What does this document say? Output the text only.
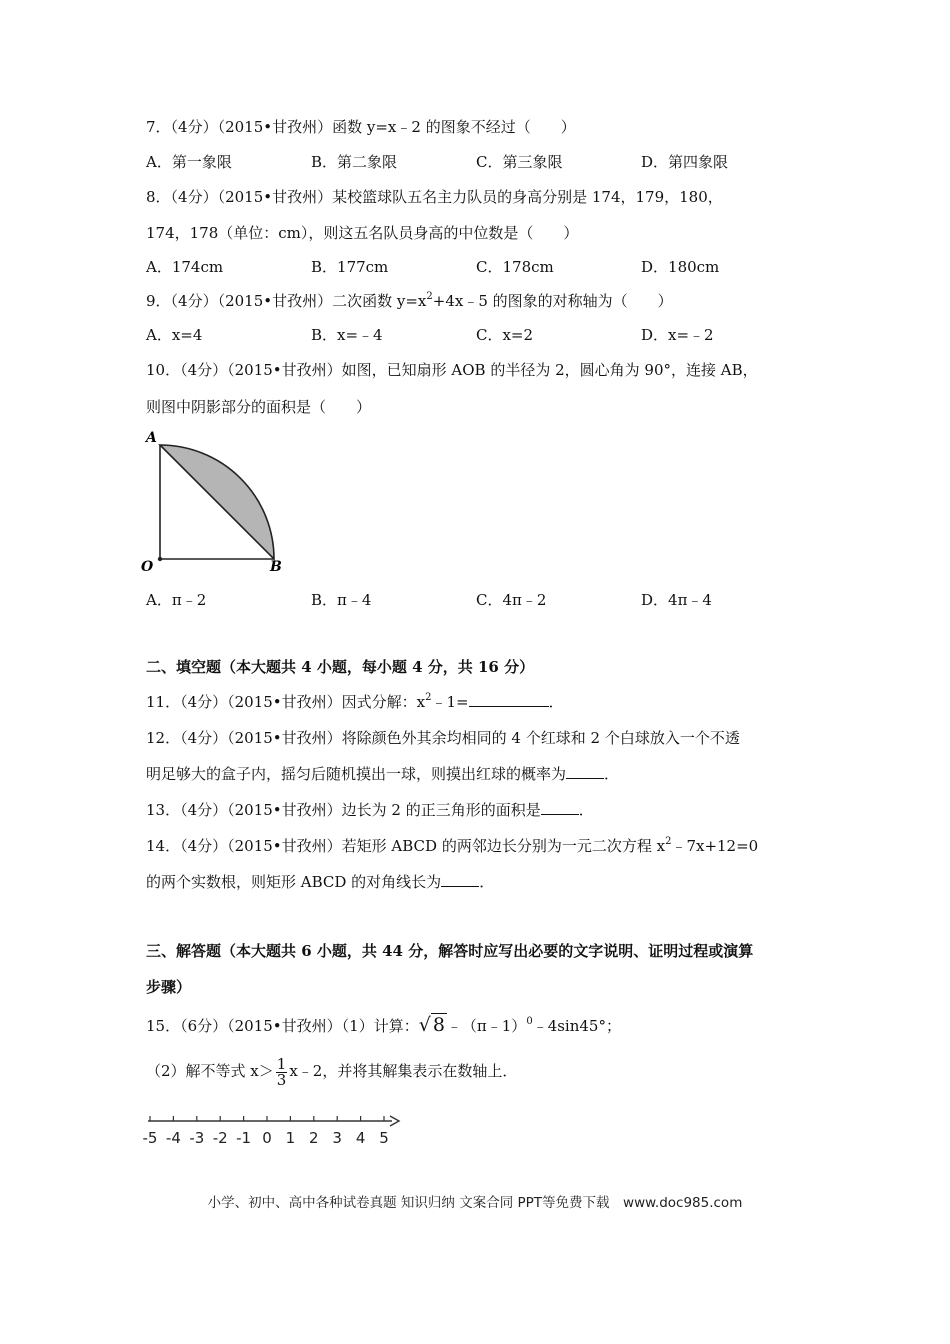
7．（4分）（2015•甘孜州）函数 y=x﹣2 的图象不经过（　　）
A．第一象限	B．第二象限	C．第三象限	D．第四象限
8．（4分）（2015•甘孜州）某校篮球队五名主力队员的身高分别是 174，179，180，
174，178（单位：cm），则这五名队员身高的中位数是（　　）
A．174cm	B．177cm	C．178cm	D．180cm
9．（4分）（2015•甘孜州）二次函数 $y=x^2+4x﹣5$ 的图象的对称轴为（　　）
A．x=4	B．x=﹣4	C．x=2	D．x=﹣2
10．（4分）（2015•甘孜州）如图，已知扇形 AOB 的半径为 2，圆心角为 90°，连接 AB，
则图中阴影部分的面积是（　　）
A
O	B
A．π﹣2	B．π﹣4	C．4π﹣2	D．4π﹣4
二、填空题（本大题共 4 小题，每小题 4 分，共 16 分）
11．（4分）（2015•甘孜州）因式分解：$x^2﹣1=$	．
12．（4分）（2015•甘孜州）将除颜色外其余均相同的 4 个红球和 2 个白球放入一个不透
明足够大的盒子内，摇匀后随机摸出一球，则摸出红球的概率为	．
13．（4分）（2015•甘孜州）边长为 2 的正三角形的面积是	．
14．（4分）（2015•甘孜州）若矩形 ABCD 的两邻边长分别为一元二次方程 $x^2﹣7x+12=0$
的两个实数根，则矩形 ABCD 的对角线长为	．
三、解答题（本大题共 6 小题，共 44 分，解答时应写出必要的文字说明、证明过程或演算
步骤）
15．（6分）（2015•甘孜州）（1）计算：√ 8 ﹣（π﹣1）$^0$﹣4sin45°；
（2）解不等式 $x> \frac{1}{3}$ x﹣2，并将其解集表示在数轴上．
-5 -4 -3 -2 -1 0 1 2 3 4 5
小学、初中、高中各种试卷真题 知识归纳 文案合同 PPT等免费下载　www.doc985.com
